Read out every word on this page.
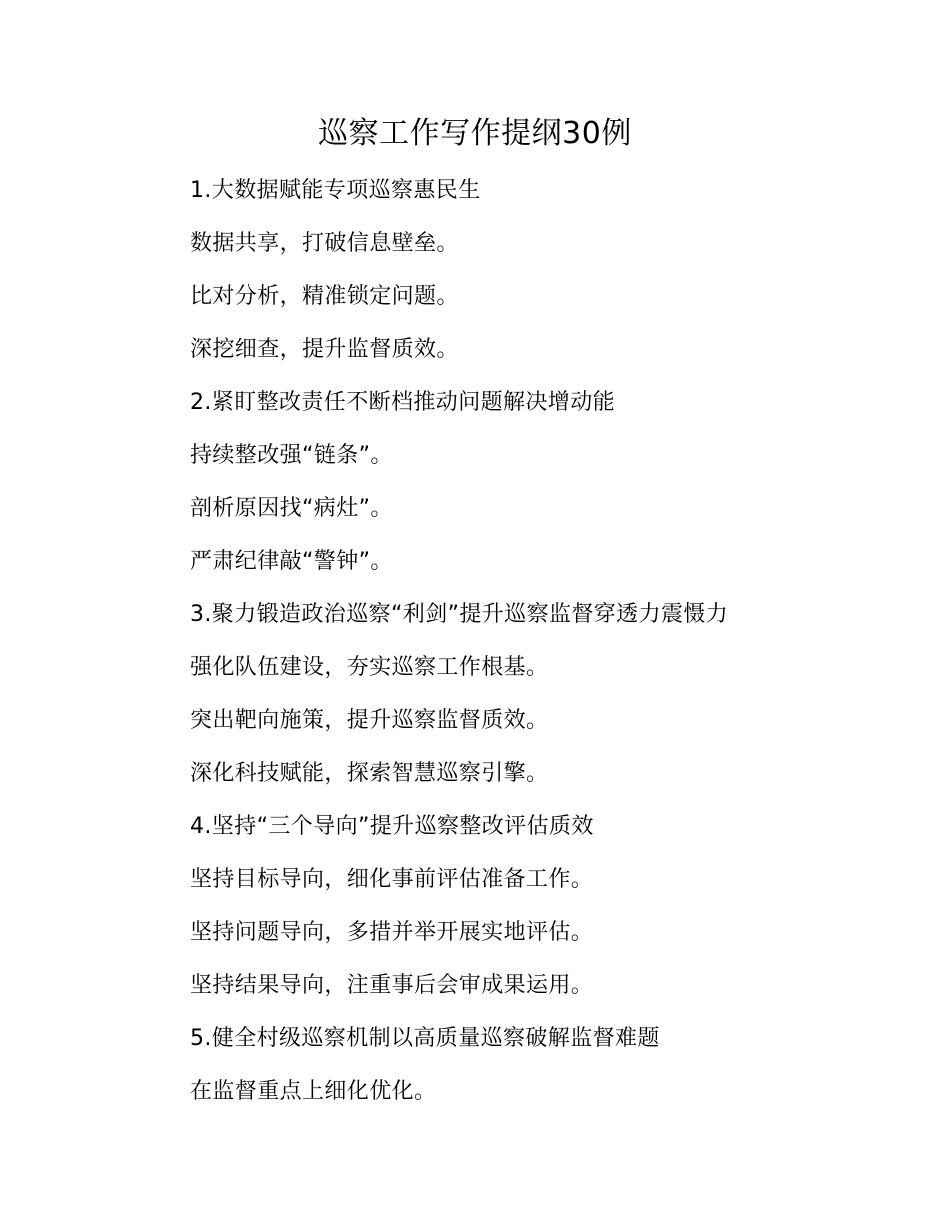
巡察工作写作提纲30例
1.大数据赋能专项巡察惠民生
数据共享，打破信息壁垒。
比对分析，精准锁定问题。
深挖细查，提升监督质效。
2.紧盯整改责任不断档推动问题解决增动能
持续整改强“链条”。
剖析原因找“病灶”。
严肃纪律敲“警钟”。
3.聚力锻造政治巡察“利剑”提升巡察监督穿透力震慑力
强化队伍建设，夯实巡察工作根基。
突出靶向施策，提升巡察监督质效。
深化科技赋能，探索智慧巡察引擎。
4.坚持“三个导向”提升巡察整改评估质效
坚持目标导向，细化事前评估准备工作。
坚持问题导向，多措并举开展实地评估。
坚持结果导向，注重事后会审成果运用。
5.健全村级巡察机制以高质量巡察破解监督难题
在监督重点上细化优化。
